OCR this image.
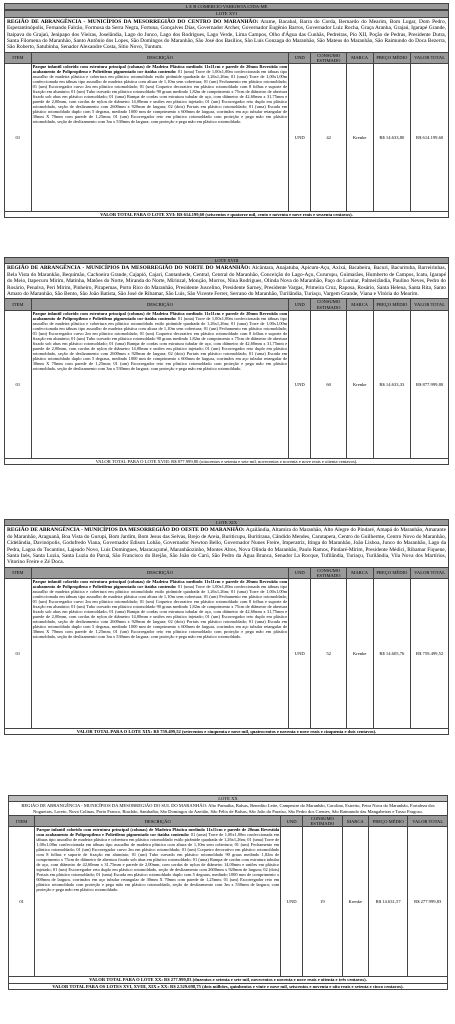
L E B COMERCIO VAREJISTA LTDA-ME
LOTE XVI
REGIÃO DE ABRANGÊNCIA - MUNICÍPIOS DA MESORREGIÃO DO CENTRO DO MARANHÃO: Arame, Bacabal, Barra do Corda, Bernardo do Mearim, Bom Lugar, Dom Pedro, Esperantinópolis, Fernando Falcão, Formosa da Serra Negra, Fortuna, Gonçalves Dias, Governador Archer, Governador Eugênio Barros, Governador Luiz Rocha, Graça Aranha, Grajaú, Igarapé Grande, Itaipava do Grajaú, Jenipapo dos Vieiras, Joselândia, Lago do Junco, Lago dos Rodrigues, Lago Verde, Lima Campos, Olho d'Água das Cunhãs, Pedreiras, Pio XII, Poção de Pedras, Presidente Dutra, Santa Filomena do Maranhão, Santo Antônio dos Lopes, São Domingos do Maranhão, São José dos Basílios, São Luís Gonzaga do Maranhão, São Mateus do Maranhão, São Raimundo do Doca Bezerra, São Roberto, Satubinha, Senador Alexandre Costa, Sítio Novo, Tuntum.
ITEM	DESCRIÇÃO	UND	CONSUMO ESTIMADO	MARCA	PREÇO MÉDIO	VALOR TOTAL
01	Parque infantil colorido com estrutura principal (colunas) de Madeira Plástica medindo 11x11cm e parede de 20mm Revestida com acabamento de Polipropileno e Polietileno pigmentado cor itaúba contendo: 01 (uma) Torre de 1,00x1,00m confeccionada em tábuas tipo assoalho de madeira plástica e cobertura em plástico rotomoldado estilo pirâmide quadrada de 1,26x1,26m; 01 (uma) Torre de 1,00x1,00m confeccionada em tábuas tipo assoalho de madeira plástica com altura de 1,10m sem cobertura; 01 (um) Fechamento em plástico rotomoldado; 01 (um) Escorregador curvo 2m em plástico rotomoldado; 01 (um) Coqueiro decorativo em plástico rotomoldado com 8 folhas e suporte de fixação em alumínio; 01 (um) Tubo curvado em plástico rotomoldado 90 graus medindo 1,82m de comprimento x 75cm de diâmetro de abertura fixado sob abas em plástico rotomoldado; 01 (uma) Rampa de cordas com estrutura tubular de aço, com diâmetro de 42,60mm x 31,75mm e parede de 2,00mm, com cordas de nylon de diâmetro 14,00mm e uniões em plástico injetado; 01 (um) Escorregador reto duplo em plástico rotomoldado, seção de deslizamento com 2600mm x 920mm de largura; 02 (dois) Portais em plástico rotomoldado; 01 (uma) Escada em plástico rotomoldado duplo com 5 degraus, medindo 1000 mm de comprimento x 600mm de largura, corrimãos em aço tubular retangular de 30mm X 70mm com parede de 1,25mm; 01 (um) Escorregador reto em plástico rotomoldado com proteção e pega mão em plástico rotomoldado, seção de deslizamento com 3m x 530mm de largura; com proteção e pega mão em plástico rotomoldado.	UND	42	Krenke	R$ 14.633,80	R$ 614.199,60
VALOR TOTAL PARA O LOTE XVI: R$ 614.199,60 (seiscentos e quatorze mil, cento e noventa e nove reais e sessenta centavos).
LOTE XVIII
REGIÃO DE ABRANGÊNCIA - MUNICÍPIOS DA MESORREGIÃO DO NORTE DO MARANHÃO: Alcântara, Anajatuba, Apicum-Açu, Axixá, Bacabeira, Bacuri, Bacurituba, Barreirinhas, Bela Vista do Maranhão, Bequimão, Cachoeira Grande, Cajapió, Cajari, Cantanhede, Central, Central do Maranhão, Conceição do Lago-Açu, Cururupu, Guimarães, Humberto de Campos, Icatu, Igarapé do Meio, Itapecuru Mirim, Matinha, Matões do Norte, Miranda do Norte, Mirinzal, Monção, Morros, Nina Rodrigues, Olinda Nova do Maranhão, Paço do Lumiar, Palmeirândia, Paulino Neves, Pedro do Rosário, Penalva, Peri Mirim, Pinheiro, Pirapemas, Porto Rico do Maranhão, Presidente Juscelino, Presidente Sarney, Presidente Vargas, Primeira Cruz, Raposa, Rosário, Santa Helena, Santa Rita, Santo Amaro do Maranhão, São Bento, São João Batista, São José de Ribamar, São Luís, São Vicente Ferrer, Serrano do Maranhão, Turilândia, Turiaçu, Vargem Grande, Viana e Vitória do Mearim.
ITEM	DESCRIÇÃO	UND	CONSUMO ESTIMADO	MARCA	PREÇO MÉDIO	VALOR TOTAL
01	Parque infantil colorido com estrutura principal (colunas) de Madeira Plástica medindo 11x11cm e parede de 20mm Revestida com acabamento de Polipropileno e Polietileno pigmentado cor itaúba contendo: 01 (uma) Torre de 1,00x1,00m confeccionada em tábuas tipo assoalho de madeira plástica e cobertura em plástico rotomoldado estilo pirâmide quadrada de 1,26x1,26m; 01 (uma) Torre de 1,00x1,00m confeccionada em tábuas tipo assoalho de madeira plástica com altura de 1,10m sem cobertura; 01 (um) Fechamento em plástico rotomoldado; 01 (um) Escorregador curvo 2m em plástico rotomoldado; 01 (um) Coqueiro decorativo em plástico rotomoldado com 8 folhas e suporte de fixação em alumínio; 01 (um) Tubo curvado em plástico rotomoldado 90 graus medindo 1,82m de comprimento x 75cm de diâmetro de abertura fixado sob abas em plástico rotomoldado; 01 (uma) Rampa de cordas com estrutura tubular de aço, com diâmetro de 42,60mm x 31,75mm e parede de 2,00mm, com cordas de nylon de diâmetro 14,00mm e uniões em plástico injetado; 01 (um) Escorregador reto duplo em plástico rotomoldado, seção de deslizamento com 2600mm x 920mm de largura; 02 (dois) Portais em plástico rotomoldado; 01 (uma) Escada em plástico rotomoldado duplo com 5 degraus, medindo 1000 mm de comprimento x 600mm de largura, corrimãos em aço tubular retangular de 30mm X 70mm com parede de 1,25mm; 01 (um) Escorregador reto em plástico rotomoldado com proteção e pega mão em plástico rotomoldado, seção de deslizamento com 3m x 530mm de largura; com proteção e pega mão em plástico rotomoldado.	UND	60	Krenke	R$ 14.633,33	R$ 877.999,80
VALOR TOTAL PARA O LOTE XVIII: R$ 877.999,80 (oitocentos e setenta e sete mil, novecentos e noventa e nove reais e oitenta centavos).
LOTE XIX
REGIÃO DE ABRANGÊNCIA - MUNICÍPIOS DA MESORREGIÃO DO OESTE DO MARANHÃO: Açailândia, Altamira do Maranhão, Alto Alegre do Pindaré, Amapá do Maranhão, Amarante do Maranhão, Araguanã, Boa Vista do Gurupi, Bom Jardim, Bom Jesus das Selvas, Brejo de Areia, Buriticupu, Buritirana, Cândido Mendes, Carutapera, Centro do Guilherme, Centro Novo do Maranhão, Cidelândia, Davinópolis, Godofredo Viana, Governador Edison Lobão, Governador Newton Bello, Governador Nunes Freire, Imperatriz, Itinga do Maranhão, João Lisboa, Junco do Maranhão, Lago da Pedra, Lagoa do Tocantins, Lajeado Novo, Luís Domingues, Maracaçumé, Maranhãozinho, Montes Altos, Nova Olinda do Maranhão, Paulo Ramos, Pindaré-Mirim, Presidente Médici, Ribamar Fiquene, Santa Inês, Santa Luzia, Santa Luzia do Paruá, São Francisco do Brejão, São João do Carú, São Pedro da Água Branca, Senador La Rocque, Tufilândia, Turiaçu, Turilândia, Vila Nova dos Martírios, Vitorino Freire e Zé Doca.
ITEM	DESCRIÇÃO	UND	CONSUMO ESTIMADO	MARCA	PREÇO MÉDIO	VALOR TOTAL
01	Parque infantil colorido com estrutura principal (colunas) de Madeira Plástica medindo 11x11cm e parede de 20mm Revestida com acabamento de Polipropileno e Polietileno pigmentado cor itaúba contendo: 01 (uma) Torre de 1,00x1,00m confeccionada em tábuas tipo assoalho de madeira plástica e cobertura em plástico rotomoldado estilo pirâmide quadrada de 1,26x1,26m; 01 (uma) Torre de 1,00x1,00m confeccionada em tábuas tipo assoalho de madeira plástica com altura de 1,10m sem cobertura; 01 (um) Fechamento em plástico rotomoldado; 01 (um) Escorregador curvo 2m em plástico rotomoldado; 01 (um) Coqueiro decorativo em plástico rotomoldado com 8 folhas e suporte de fixação em alumínio; 01 (um) Tubo curvado em plástico rotomoldado 90 graus medindo 1,82m de comprimento x 75cm de diâmetro de abertura fixado sob abas em plástico rotomoldado; 01 (uma) Rampa de cordas com estrutura tubular de aço, com diâmetro de 42,60mm x 31,75mm e parede de 2,00mm, com cordas de nylon de diâmetro 14,00mm e uniões em plástico injetado; 01 (um) Escorregador reto duplo em plástico rotomoldado, seção de deslizamento com 2600mm x 920mm de largura; 02 (dois) Portais em plástico rotomoldado; 01 (uma) Escada em plástico rotomoldado duplo com 5 degraus, medindo 1000 mm de comprimento x 600mm de largura, corrimãos em aço tubular retangular de 30mm X 70mm com parede de 1,25mm; 01 (um) Escorregador reto em plástico rotomoldado com proteção e pega mão em plástico rotomoldado, seção de deslizamento com 3m x 530mm de largura; com proteção e pega mão em plástico rotomoldado.	UND	52	Krenke	R$ 14.605,76	R$ 759.499,52
VALOR TOTAL PARA O LOTE XIX: R$ 759.499,52 (setecentos e cinquenta e nove mil, quatrocentos e noventa e nove reais e cinquenta e dois centavos).
LOTE XX
REGIÃO DE ABRANGÊNCIA - MUNICÍPIOS DA MESORREGIÃO DO SUL DO MARANHÃO: Alto Parnaíba, Balsas, Benedito Leite, Campestre do Maranhão, Carolina, Estreito, Feira Nova do Maranhão, Fortaleza dos Nogueiras, Loreto, Nova Colinas, Porto Franco, Riachão, Sambaíba, São Domingos do Azeitão, São Félix de Balsas, São João do Paraíso, São Pedro dos Crentes, São Raimundo das Mangabeiras e Tasso Fragoso.
ITEM	DESCRIÇÃO	UND	CONSUMO ESTIMADO	MARCA	PREÇO MÉDIO	VALOR TOTAL
01	Parque infantil colorido com estrutura principal (colunas) de Madeira Plástica medindo 11x11cm e parede de 20mm Revestida com acabamento de Polipropileno e Polietileno pigmentado cor itaúba contendo: 01 (uma) Torre de 1,00x1,00m confeccionada em tábuas tipo assoalho de madeira plástica e cobertura em plástico rotomoldado estilo pirâmide quadrada de 1,26x1,26m; 01 (uma) Torre de 1,00x1,00m confeccionada em tábuas tipo assoalho de madeira plástica com altura de 1,10m sem cobertura; 01 (um) Fechamento em plástico rotomoldado; 01 (um) Escorregador curvo 2m em plástico rotomoldado; 01 (um) Coqueiro decorativo em plástico rotomoldado com 8 folhas e suporte de fixação em alumínio; 01 (um) Tubo curvado em plástico rotomoldado 90 graus medindo 1,82m de comprimento x 75cm de diâmetro de abertura fixado sob abas em plástico rotomoldado; 01 (uma) Rampa de cordas com estrutura tubular de aço, com diâmetro de 42,60mm x 31,75mm e parede de 2,00mm, com cordas de nylon de diâmetro 14,00mm e uniões em plástico injetado; 01 (um) Escorregador reto duplo em plástico rotomoldado, seção de deslizamento com 2600mm x 920mm de largura; 02 (dois) Portais em plástico rotomoldado; 01 (uma) Escada em plástico rotomoldado duplo com 5 degraus, medindo 1000 mm de comprimento x 600mm de largura, corrimãos em aço tubular retangular de 30mm X 70mm com parede de 1,25mm; 01 (um) Escorregador reto em plástico rotomoldado com proteção e pega mão em plástico rotomoldado, seção de deslizamento com 3m x 530mm de largura; com proteção e pega mão em plástico rotomoldado.	UND	19	Krenke	R$ 14.631,57	R$ 277.999,83
VALOR TOTAL PARA O LOTE XX: R$ 277.999,83 (duzentos e setenta e sete mil, novecentos e noventa e nove reais e oitenta e três centavos).
VALOR TOTAL PARA OS LOTES XVI, XVIII, XIX e XX: R$ 2.529.698,75 (dois milhões, quinhentos e vinte e nove mil, seiscentos e noventa e oito reais e setenta e cinco centavos).
